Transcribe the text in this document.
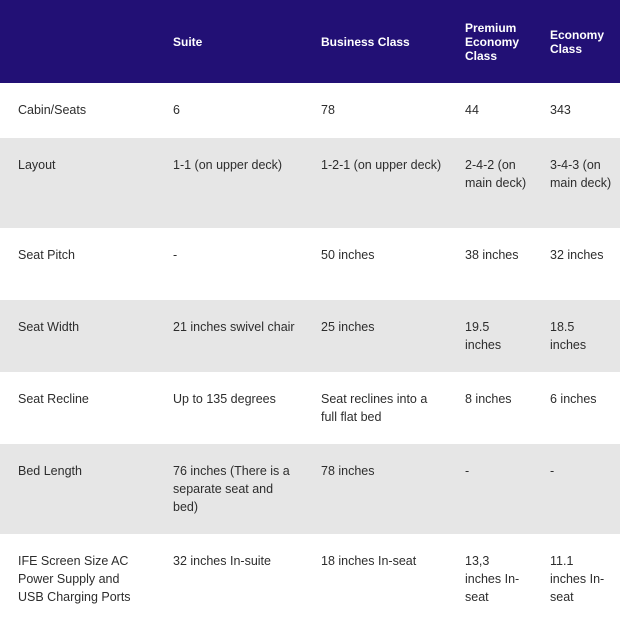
	Suite	Business Class	Premium Economy Class	Economy Class
Cabin/Seats	6	78	44	343
Layout	1-1 (on upper deck)	1-2-1 (on upper deck)	2-4-2 (on main deck)	3-4-3 (on main deck)
Seat Pitch	-	50 inches	38 inches	32 inches
Seat Width	21 inches swivel chair	25 inches	19.5 inches	18.5 inches
Seat Recline	Up to 135 degrees	Seat reclines into a full flat bed	8 inches	6 inches
Bed Length	76 inches (There is a separate seat and bed)	78 inches	-	-
IFE Screen Size AC Power Supply and USB Charging Ports	32 inches In-suite	18 inches In-seat	13,3 inches In-seat	11.1 inches In-seat
